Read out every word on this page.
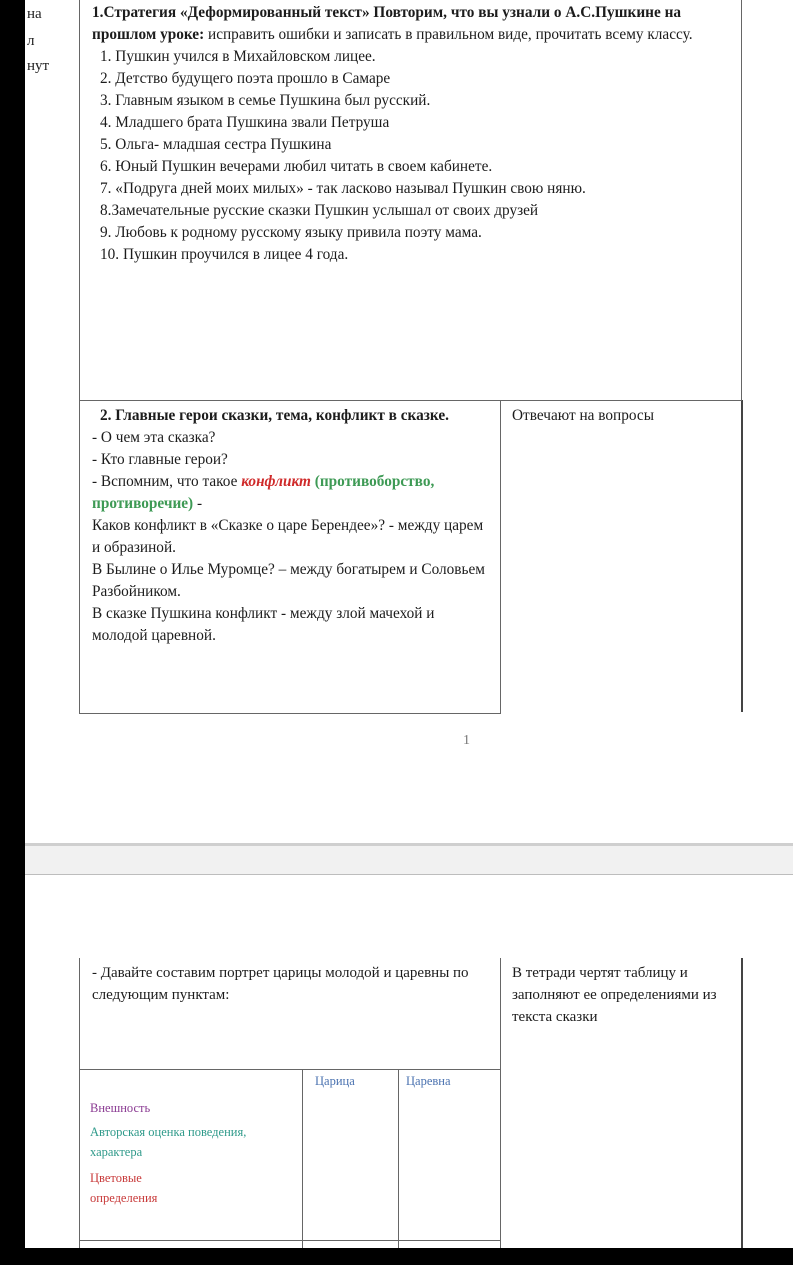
на
л
нут

1.Стратегия «Деформированный текст» Повторим, что вы узнали о А.С.Пушкине на прошлом уроке: исправить ошибки и записать в правильном виде, прочитать всему классу.

1. Пушкин учился в Михайловском лицее.

2. Детство будущего поэта прошло в Самаре

3. Главным языком в семье Пушкина был русский.

4. Младшего брата Пушкина звали Петруша

5. Ольга- младшая сестра Пушкина

6. Юный Пушкин вечерами любил читать в своем кабинете.

7. «Подруга дней моих милых» - так ласково называл Пушкин свою няню.

8.Замечательные русские сказки Пушкин услышал от своих друзей

9. Любовь к родному русскому языку привила поэту мама.

10. Пушкин проучился в лицее 4 года.

2. Главные герои сказки, тема, конфликт в сказке.

- О чем эта сказка?

- Кто главные герои?

- Вспомним, что такое конфликт (противоборство, противоречие) -

Каков конфликт в «Сказке о царе Берендее»? - между царем и образиной.

В Былине о Илье Муромце? – между богатырем и Соловьем Разбойником.

В сказке Пушкина конфликт - между злой мачехой и молодой царевной.

Отвечают на вопросы
1
- Давайте составим портрет царицы молодой и царевны по следующим пунктам:
В тетради чертят таблицу и заполняют ее определениями из текста сказки
Царица	Царевна
Внешность
Авторская оценка поведения, характера
Цветовые определения
